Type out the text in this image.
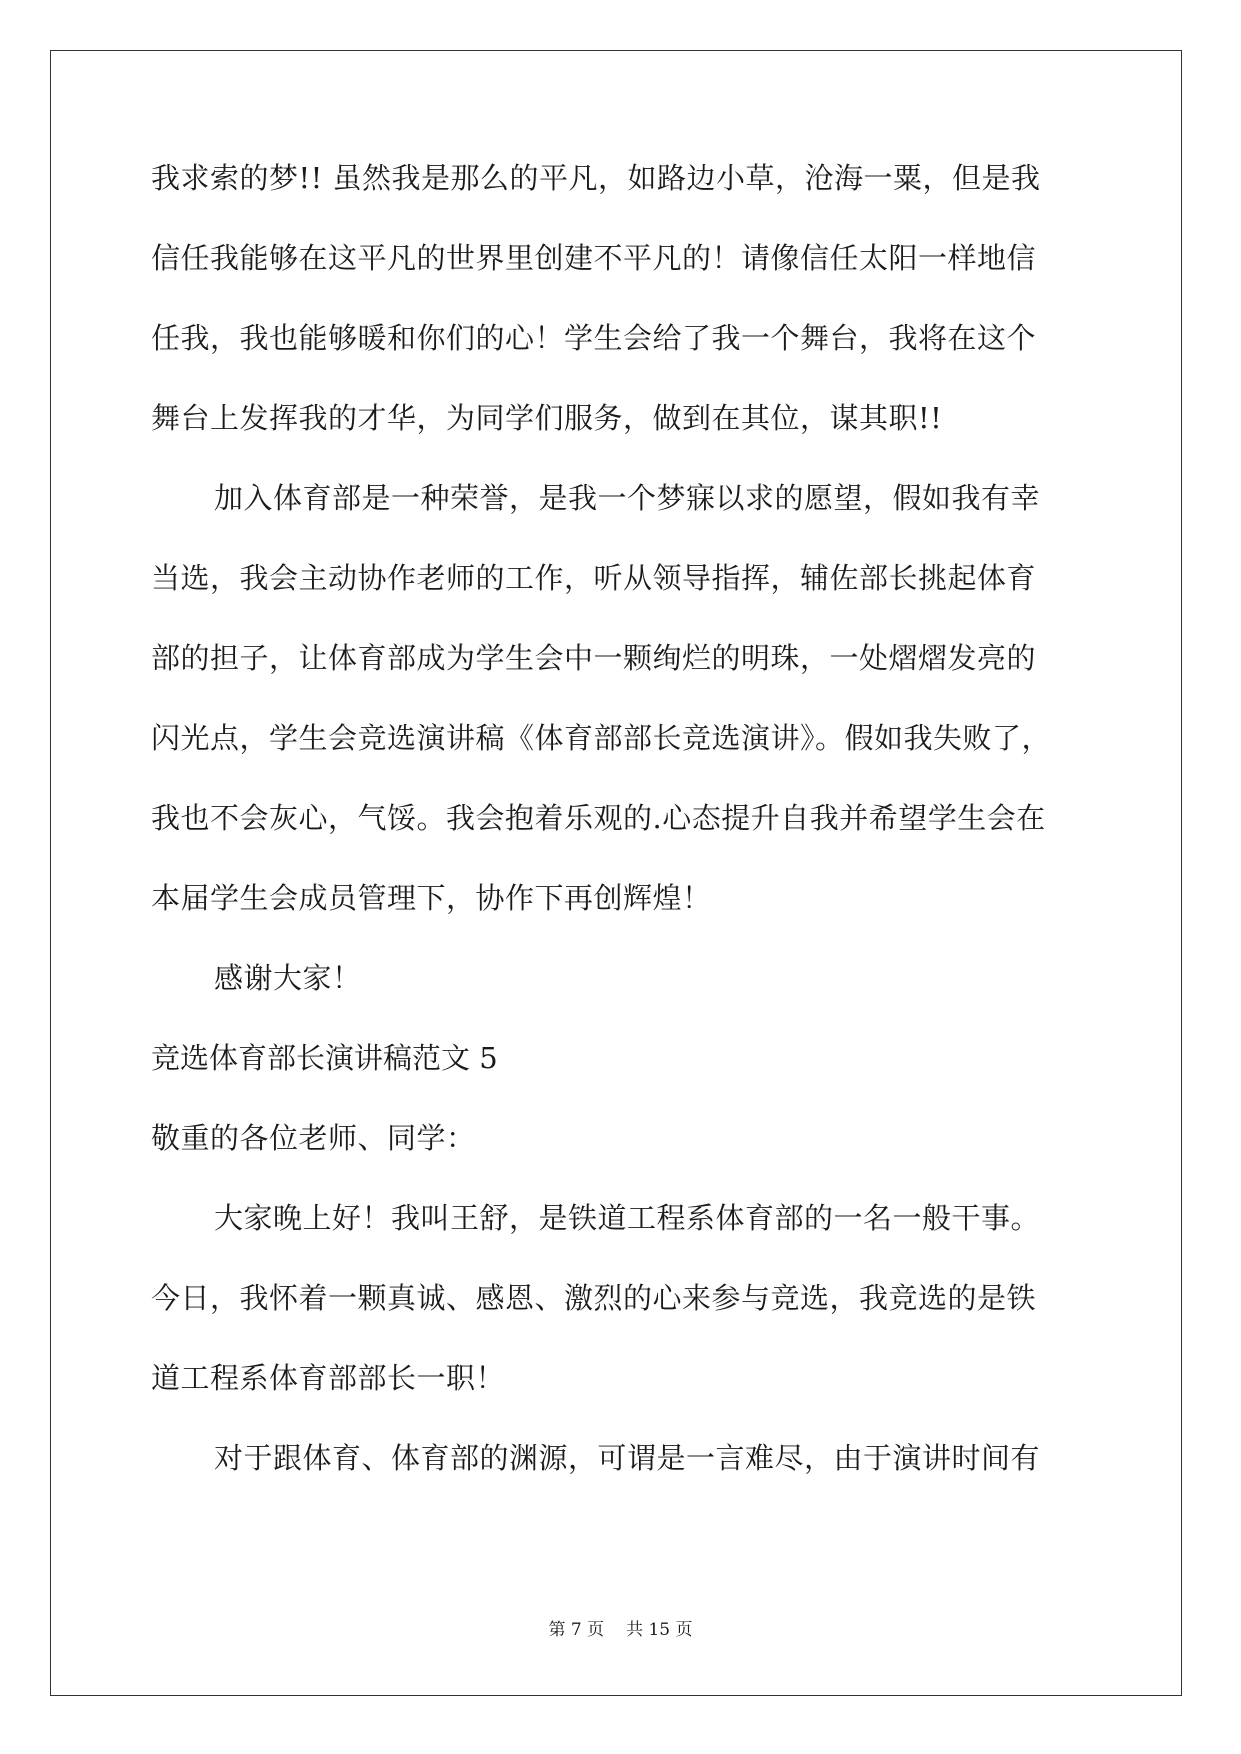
我求索的梦!! 虽然我是那么的平凡，如路边小草，沧海一粟，但是我

信任我能够在这平凡的世界里创建不平凡的！请像信任太阳一样地信

任我，我也能够暖和你们的心！学生会给了我一个舞台，我将在这个

舞台上发挥我的才华，为同学们服务，做到在其位，谋其职!!

加入体育部是一种荣誉，是我一个梦寐以求的愿望，假如我有幸

当选，我会主动协作老师的工作，听从领导指挥，辅佐部长挑起体育

部的担子，让体育部成为学生会中一颗绚烂的明珠，一处熠熠发亮的

闪光点，学生会竞选演讲稿《体育部部长竞选演讲》。假如我失败了，

我也不会灰心，气馁。我会抱着乐观的.心态提升自我并希望学生会在

本届学生会成员管理下，协作下再创辉煌！

感谢大家！

竞选体育部长演讲稿范文 5

敬重的各位老师、同学：

大家晚上好！我叫王舒，是铁道工程系体育部的一名一般干事。

今日，我怀着一颗真诚、感恩、激烈的心来参与竞选，我竞选的是铁

道工程系体育部部长一职！

对于跟体育、体育部的渊源，可谓是一言难尽，由于演讲时间有

第 7 页 共 15 页
